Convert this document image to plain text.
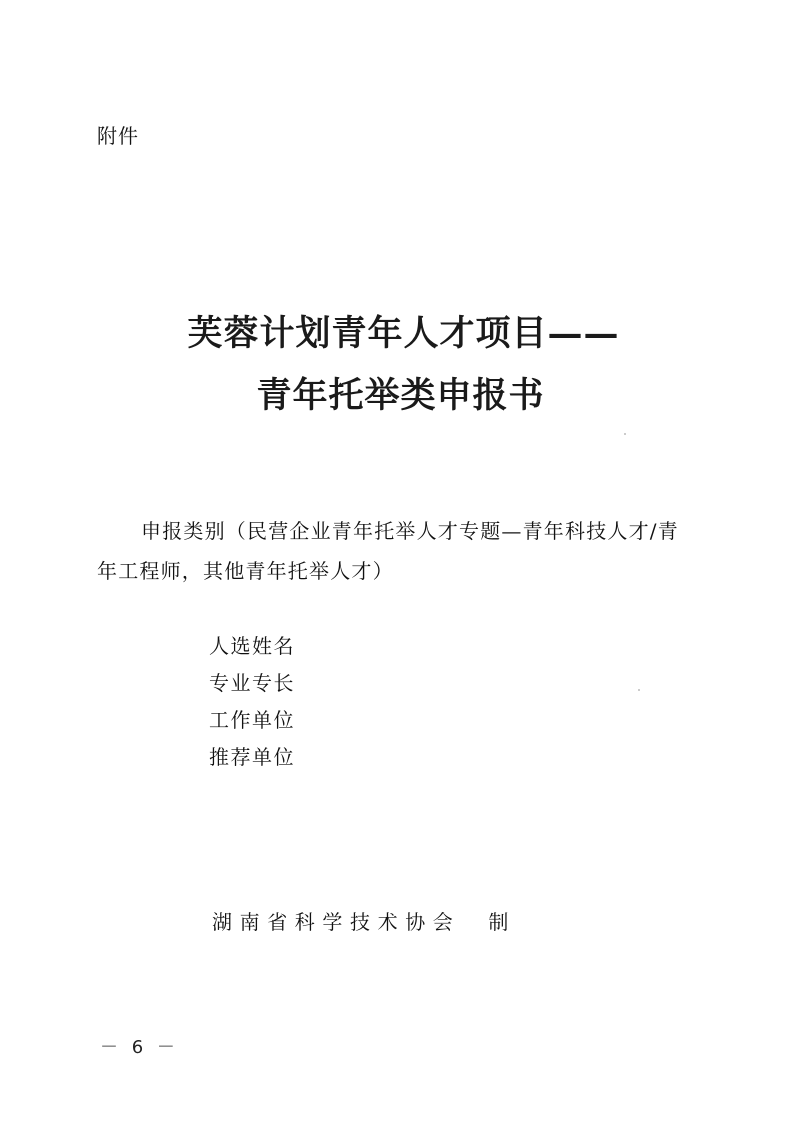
附件
芙蓉计划青年人才项目——
青年托举类申报书
申报类别（民营企业青年托举人才专题—青年科技人才/青年工程师，其他青年托举人才）
人选姓名
专业专长
工作单位
推荐单位
湖南省科学技术协会  制
－ 6 －
